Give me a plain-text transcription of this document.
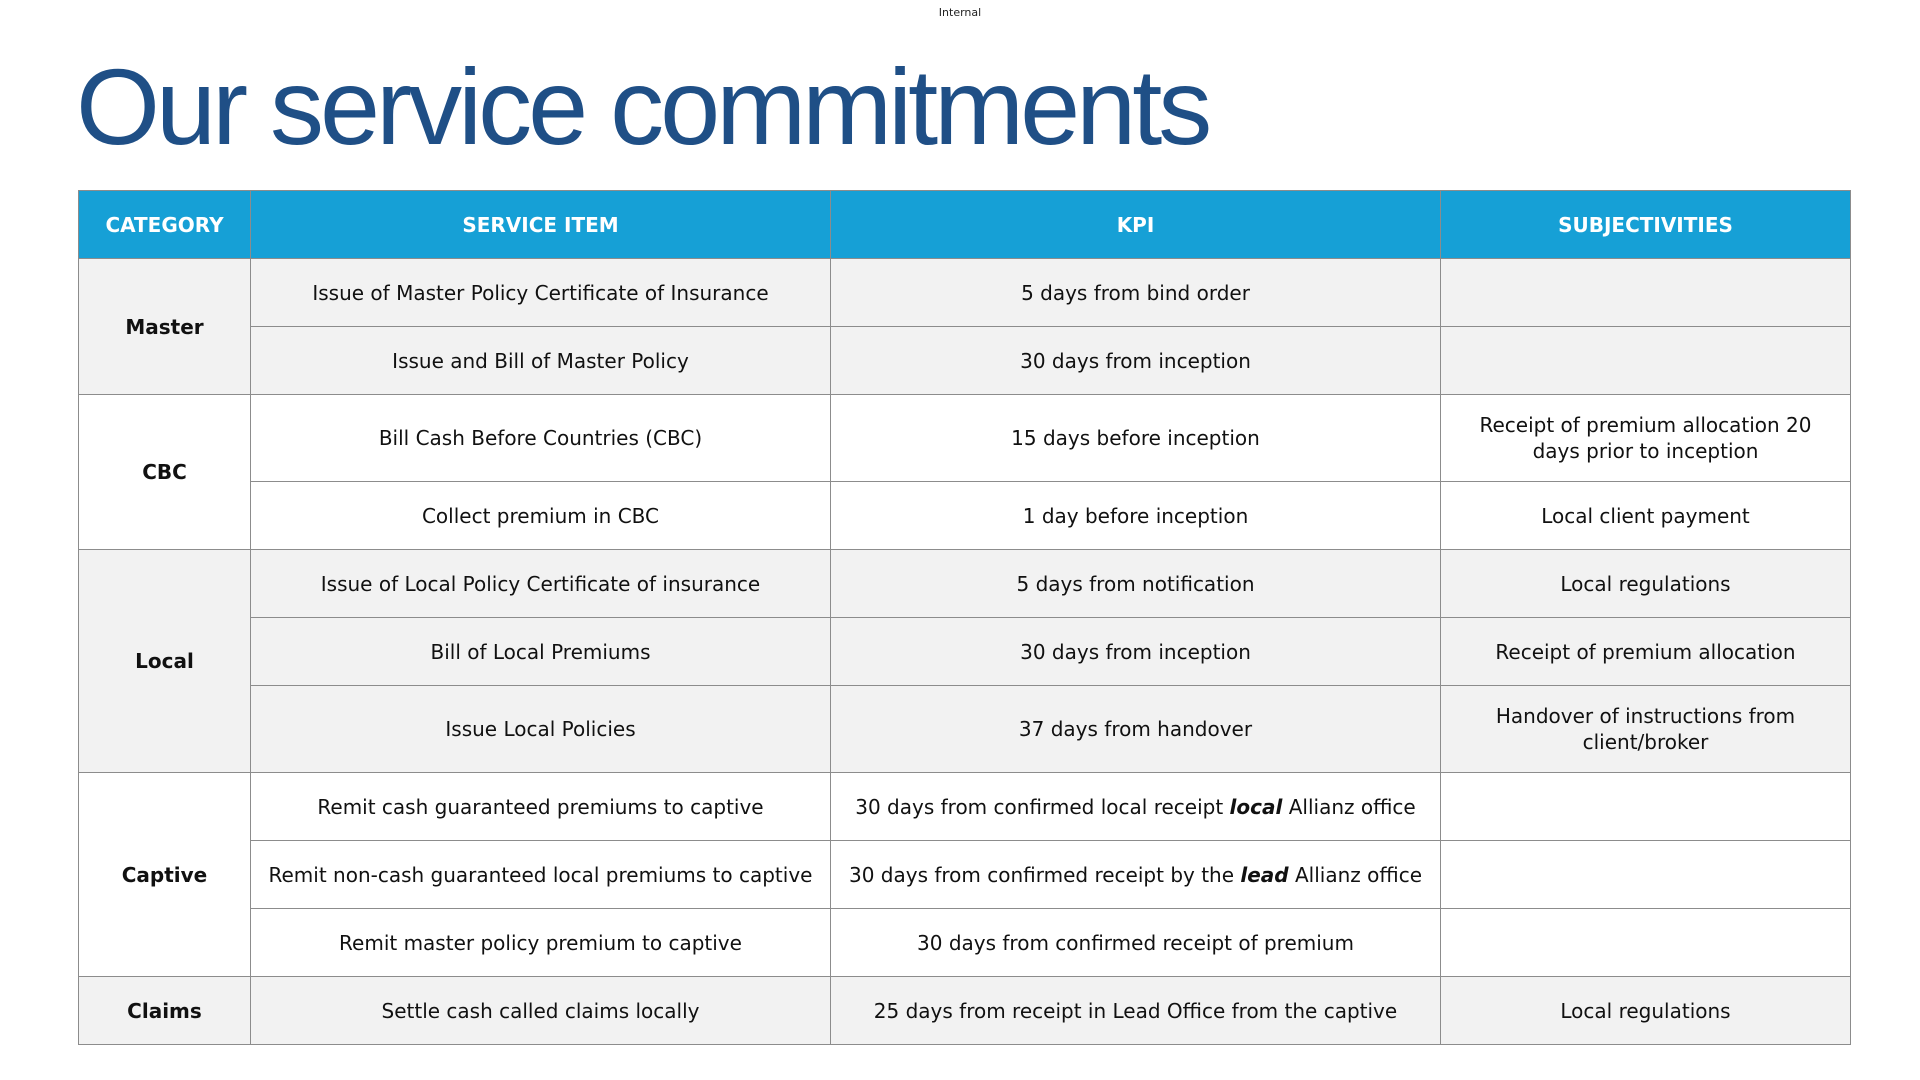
Internal
Our service commitments
CATEGORY	SERVICE ITEM	KPI	SUBJECTIVITIES
Master	Issue of Master Policy Certificate of Insurance	5 days from bind order	
	Issue and Bill of Master Policy	30 days from inception	
CBC	Bill Cash Before Countries (CBC)	15 days before inception	Receipt of premium allocation 20 days prior to inception
	Collect premium in CBC	1 day before inception	Local client payment
Local	Issue of Local Policy Certificate of insurance	5 days from notification	Local regulations
	Bill of Local Premiums	30 days from inception	Receipt of premium allocation
	Issue Local Policies	37 days from handover	Handover of instructions from client/broker
Captive	Remit cash guaranteed premiums to captive	30 days from confirmed local receipt local Allianz office	
	Remit non-cash guaranteed local premiums to captive	30 days from confirmed receipt by the lead Allianz office	
	Remit master policy premium to captive	30 days from confirmed receipt of premium	
Claims	Settle cash called claims locally	25 days from receipt in Lead Office from the captive	Local regulations
